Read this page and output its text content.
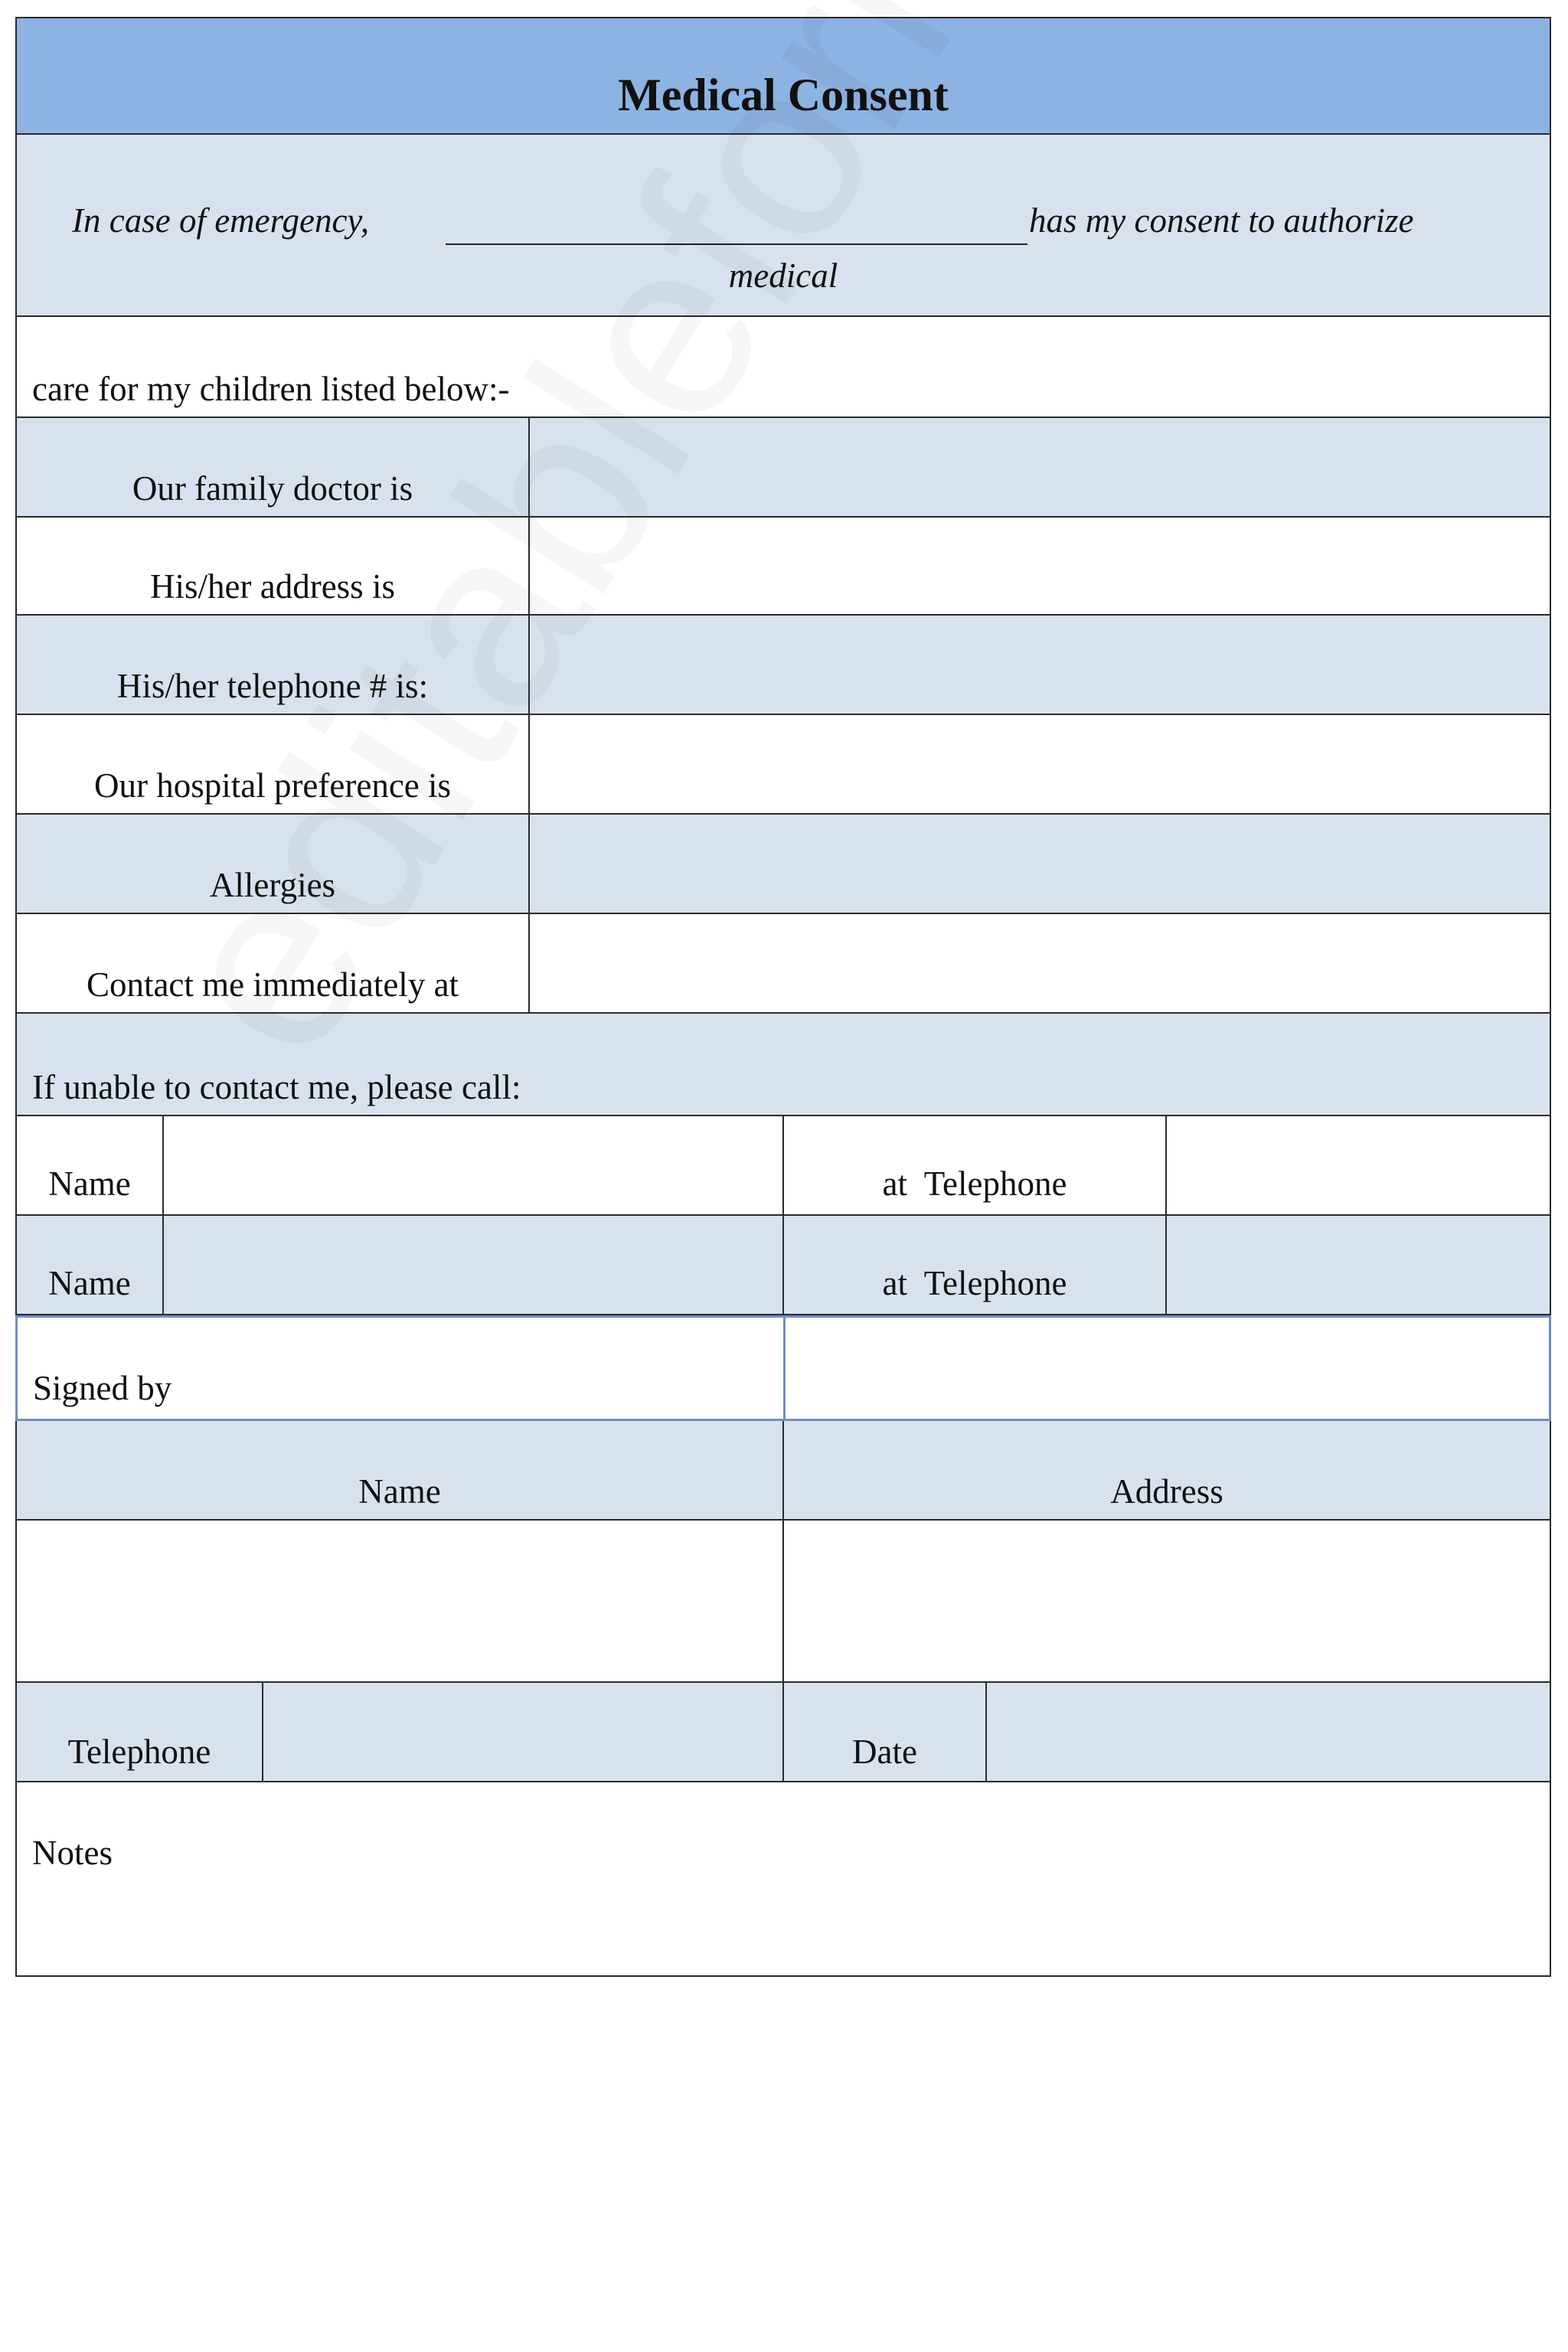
Medical Consent
In case of emergency,	has my consent to authorize
medical
care for my children listed below:-
Our family doctor is
His/her address is
His/her telephone # is:
Our hospital preference is
Allergies
Contact me immediately at
If unable to contact me, please call:
Name	at  Telephone
Name	at  Telephone
Signed by
Name	Address
Telephone	Date
Notes
